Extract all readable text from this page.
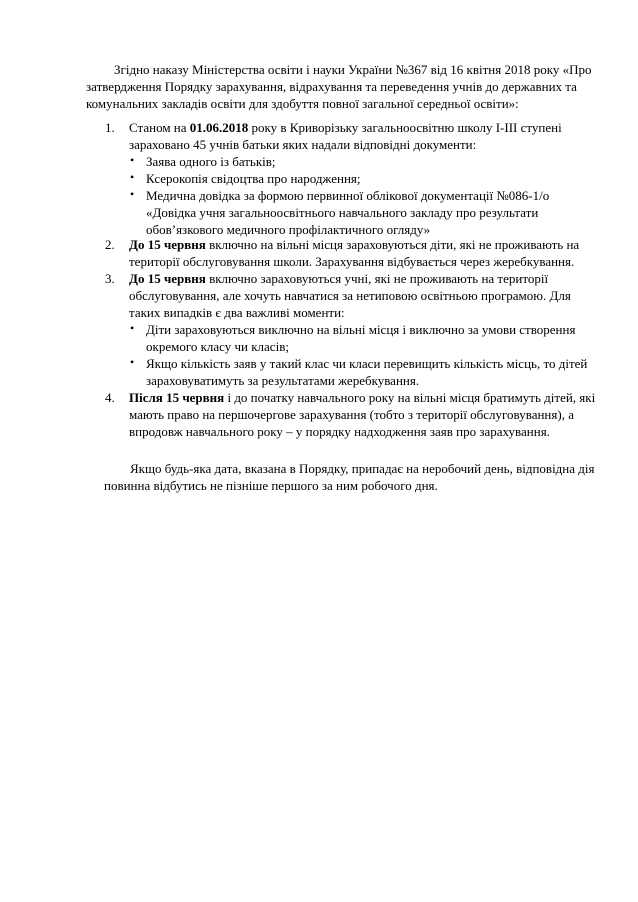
Згідно наказу Міністерства освіти і науки України №367 від 16 квітня 2018 року «Про затвердження Порядку зарахування, відрахування та переведення учнів до державних та комунальних закладів освіти для здобуття повної загальної середньої освіти»:

1. Станом на 01.06.2018 року в Криворізьку загальноосвітню школу І-ІІІ ступені зараховано 45 учнів батьки яких надали відповідні документи:

• Заява одного із батьків;

• Ксерокопія свідоцтва про народження;

• Медична довідка за формою первинної облікової документації №086-1/о «Довідка учня загальноосвітнього навчального закладу про результати обов’язкового медичного профілактичного огляду»

2. До 15 червня включно на вільні місця зараховуються діти, які не проживають на території обслуговування школи. Зарахування відбувається через жеребкування.

3. До 15 червня включно зараховуються учні, які не проживають на території обслуговування, але хочуть навчатися за нетиповою освітньою програмою. Для таких випадків є два важливі моменти:

• Діти зараховуються виключно на вільні місця і виключно за умови створення окремого класу чи класів;

• Якщо кількість заяв у такий клас чи класи перевищить кількість місць, то дітей зараховуватимуть за результатами жеребкування.

4. Після 15 червня і до початку навчального року на вільні місця братимуть дітей, які мають право на першочергове зарахування (тобто з території обслуговування), а впродовж навчального року – у порядку надходження заяв про зарахування.

Якщо будь-яка дата, вказана в Порядку, припадає на неробочий день, відповідна дія повинна відбутись не пізніше першого за ним робочого дня.
